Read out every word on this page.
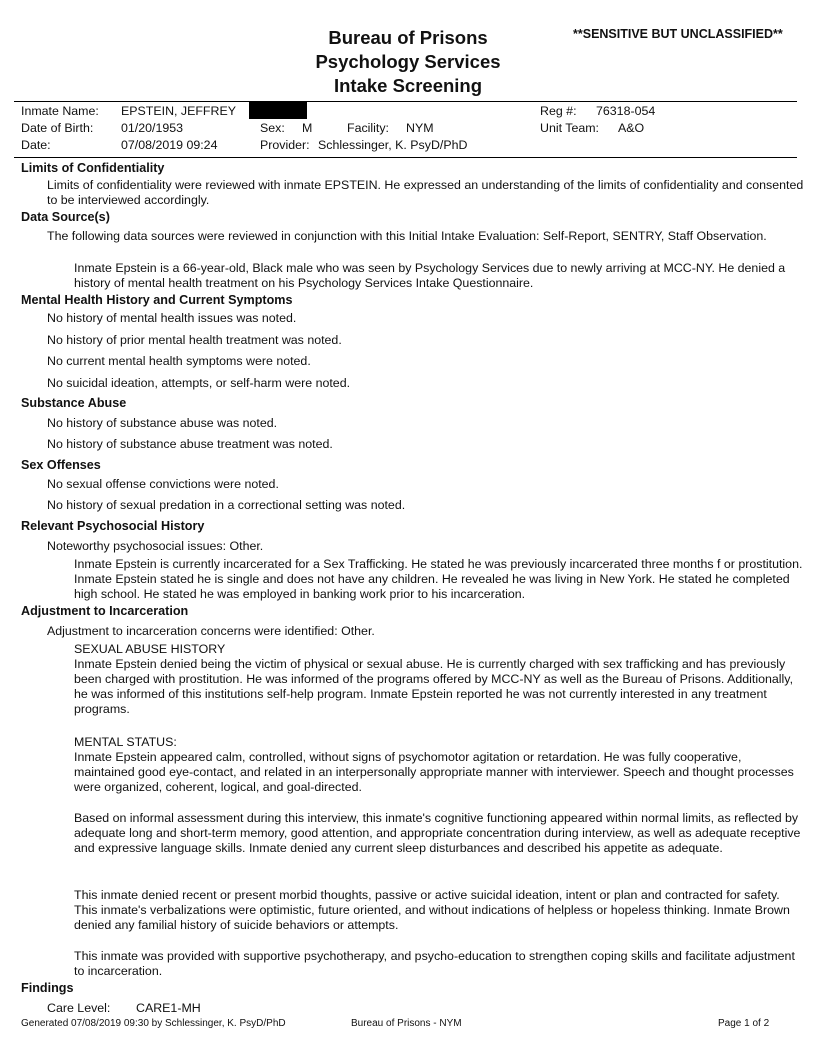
Bureau of Prisons
Psychology Services
Intake Screening
**SENSITIVE BUT UNCLASSIFIED**
Inmate Name: EPSTEIN, JEFFREY	Reg #: 76318-054
Date of Birth: 01/20/1953	Sex: M	Facility: NYM	Unit Team: A&O
Date:	07/08/2019 09:24	Provider: Schlessinger, K. PsyD/PhD
Limits of Confidentiality
Limits of confidentiality were reviewed with inmate EPSTEIN. He expressed an understanding of the limits of confidentiality and consented to be interviewed accordingly.
Data Source(s)
The following data sources were reviewed in conjunction with this Initial Intake Evaluation: Self-Report, SENTRY, Staff Observation.
Inmate Epstein is a 66-year-old, Black male who was seen by Psychology Services due to newly arriving at MCC-NY. He denied a history of mental health treatment on his Psychology Services Intake Questionnaire.
Mental Health History and Current Symptoms
No history of mental health issues was noted.
No history of prior mental health treatment was noted.
No current mental health symptoms were noted.
No suicidal ideation, attempts, or self-harm were noted.
Substance Abuse
No history of substance abuse was noted.
No history of substance abuse treatment was noted.
Sex Offenses
No sexual offense convictions were noted.
No history of sexual predation in a correctional setting was noted.
Relevant Psychosocial History
Noteworthy psychosocial issues: Other.
Inmate Epstein is currently incarcerated for a Sex Trafficking. He stated he was previously incarcerated three months f or prostitution. Inmate Epstein stated he is single and does not have any children. He revealed he was living in New York. He stated he completed high school. He stated he was employed in banking work prior to his incarceration.
Adjustment to Incarceration
Adjustment to incarceration concerns were identified: Other.
SEXUAL ABUSE HISTORY
Inmate Epstein denied being the victim of physical or sexual abuse. He is currently charged with sex trafficking and has previously been charged with prostitution. He was informed of the programs offered by MCC-NY as well as the Bureau of Prisons. Additionally, he was informed of this institutions self-help program. Inmate Epstein reported he was not currently interested in any treatment programs.
MENTAL STATUS:
Inmate Epstein appeared calm, controlled, without signs of psychomotor agitation or retardation. He was fully cooperative, maintained good eye-contact, and related in an interpersonally appropriate manner with interviewer. Speech and thought processes were organized, coherent, logical, and goal-directed.
Based on informal assessment during this interview, this inmate's cognitive functioning appeared within normal limits, as reflected by adequate long and short-term memory, good attention, and appropriate concentration during interview, as well as adequate receptive and expressive language skills. Inmate denied any current sleep disturbances and described his appetite as adequate.
This inmate denied recent or present morbid thoughts, passive or active suicidal ideation, intent or plan and contracted for safety. This inmate's verbalizations were optimistic, future oriented, and without indications of helpless or hopeless thinking. Inmate Brown denied any familial history of suicide behaviors or attempts.
This inmate was provided with supportive psychotherapy, and psycho-education to strengthen coping skills and facilitate adjustment to incarceration.
Findings
Care Level: CARE1-MH
Generated 07/08/2019 09:30 by Schlessinger, K. PsyD/PhD	Bureau of Prisons - NYM	Page 1 of 2
